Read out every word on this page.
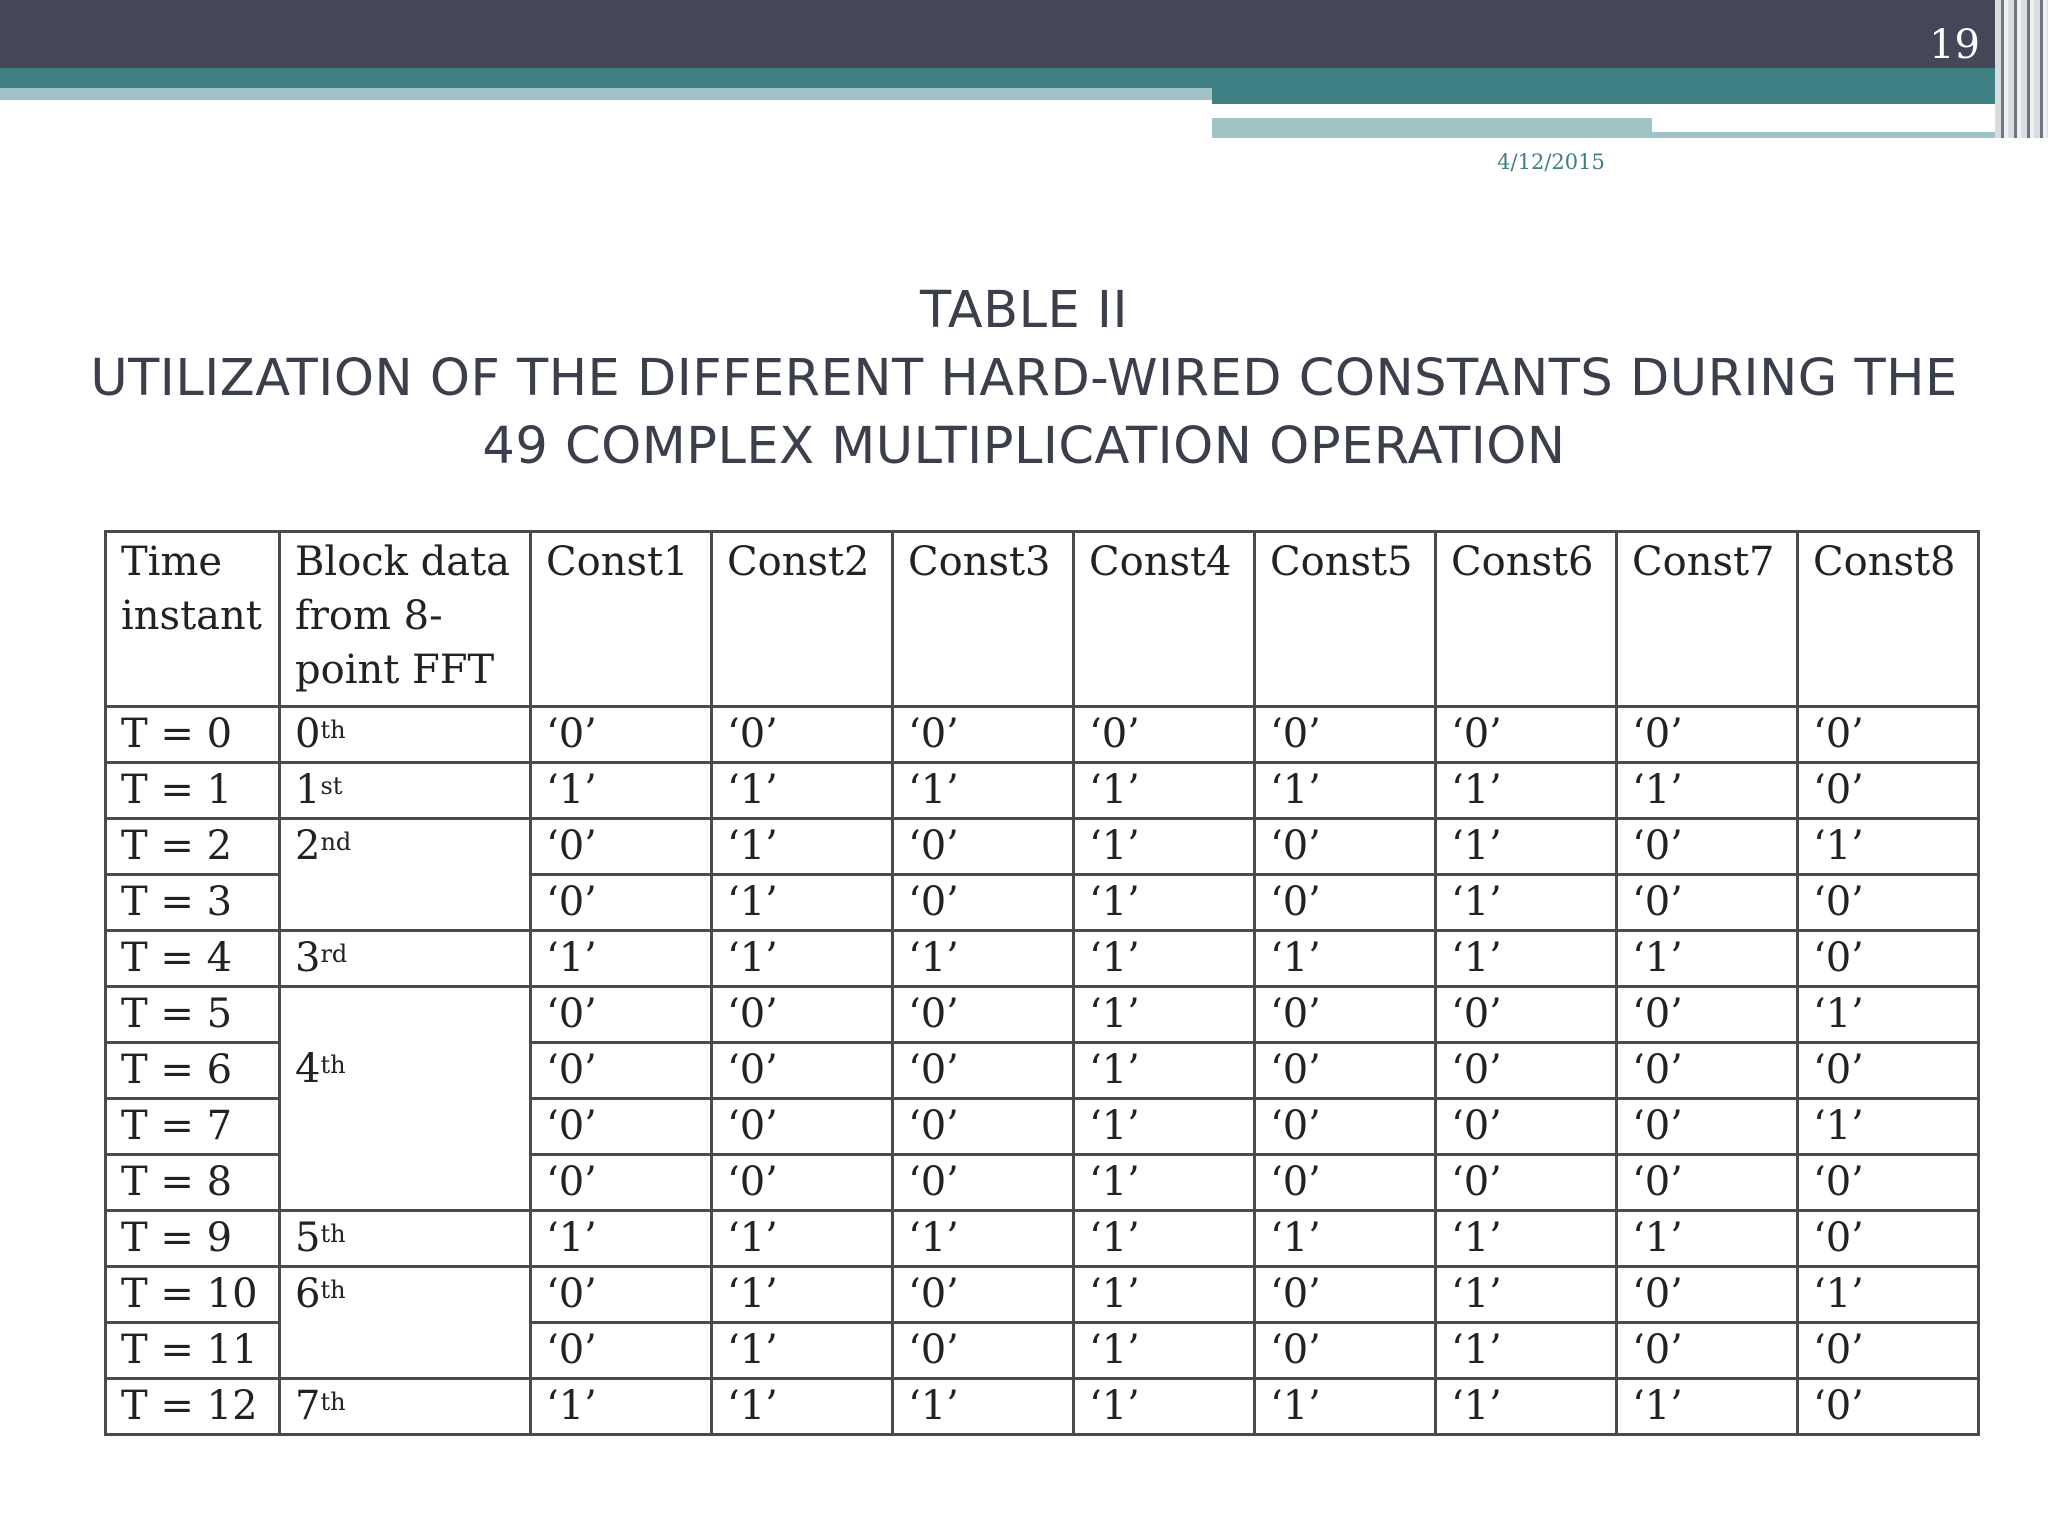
19
4/12/2015
TABLE II
UTILIZATION OF THE DIFFERENT HARD-WIRED CONSTANTS DURING THE
49 COMPLEX MULTIPLICATION OPERATION
Time instant	Block data from 8-point FFT	Const1	Const2	Const3	Const4	Const5	Const6	Const7	Const8
T = 0	0th	‘0’	‘0’	‘0’	‘0’	‘0’	‘0’	‘0’	‘0’
T = 1	1st	‘1’	‘1’	‘1’	‘1’	‘1’	‘1’	‘1’	‘0’
T = 2	2nd	‘0’	‘1’	‘0’	‘1’	‘0’	‘1’	‘0’	‘1’
T = 3		‘0’	‘1’	‘0’	‘1’	‘0’	‘1’	‘0’	‘0’
T = 4	3rd	‘1’	‘1’	‘1’	‘1’	‘1’	‘1’	‘1’	‘0’
T = 5		‘0’	‘0’	‘0’	‘1’	‘0’	‘0’	‘0’	‘1’
T = 6	4th	‘0’	‘0’	‘0’	‘1’	‘0’	‘0’	‘0’	‘0’
T = 7		‘0’	‘0’	‘0’	‘1’	‘0’	‘0’	‘0’	‘1’
T = 8		‘0’	‘0’	‘0’	‘1’	‘0’	‘0’	‘0’	‘0’
T = 9	5th	‘1’	‘1’	‘1’	‘1’	‘1’	‘1’	‘1’	‘0’
T = 10	6th	‘0’	‘1’	‘0’	‘1’	‘0’	‘1’	‘0’	‘1’
T = 11		‘0’	‘1’	‘0’	‘1’	‘0’	‘1’	‘0’	‘0’
T = 12	7th	‘1’	‘1’	‘1’	‘1’	‘1’	‘1’	‘1’	‘0’
